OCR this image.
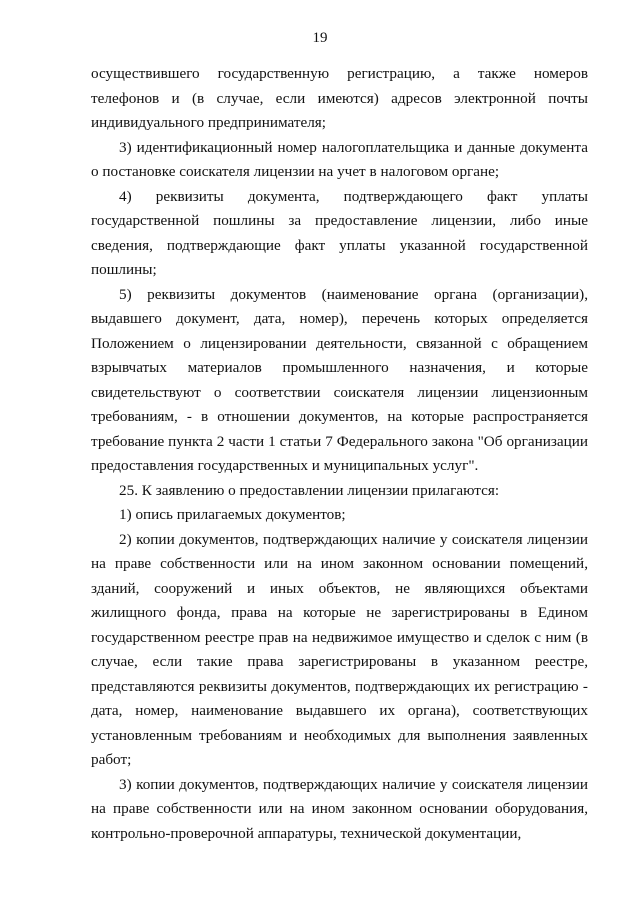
19

осуществившего государственную регистрацию, а также номеров телефонов и (в случае, если имеются) адресов электронной почты индивидуального предпринимателя;

3) идентификационный номер налогоплательщика и данные документа о постановке соискателя лицензии на учет в налоговом органе;

4) реквизиты документа, подтверждающего факт уплаты государственной пошлины за предоставление лицензии, либо иные сведения, подтверждающие факт уплаты указанной государственной пошлины;

5) реквизиты документов (наименование органа (организации), выдавшего документ, дата, номер), перечень которых определяется Положением о лицензировании деятельности, связанной с обращением взрывчатых материалов промышленного назначения, и которые свидетельствуют о соответствии соискателя лицензии лицензионным требованиям, - в отношении документов, на которые распространяется требование пункта 2 части 1 статьи 7 Федерального закона "Об организации предоставления государственных и муниципальных услуг".

25. К заявлению о предоставлении лицензии прилагаются:

1) опись прилагаемых документов;

2) копии документов, подтверждающих наличие у соискателя лицензии на праве собственности или на ином законном основании помещений, зданий, сооружений и иных объектов, не являющихся объектами жилищного фонда, права на которые не зарегистрированы в Едином государственном реестре прав на недвижимое имущество и сделок с ним (в случае, если такие права зарегистрированы в указанном реестре, представляются реквизиты документов, подтверждающих их регистрацию - дата, номер, наименование выдавшего их органа), соответствующих установленным требованиям и необходимых для выполнения заявленных работ;

3) копии документов, подтверждающих наличие у соискателя лицензии на праве собственности или на ином законном основании оборудования, контрольно-проверочной аппаратуры, технической документации,
